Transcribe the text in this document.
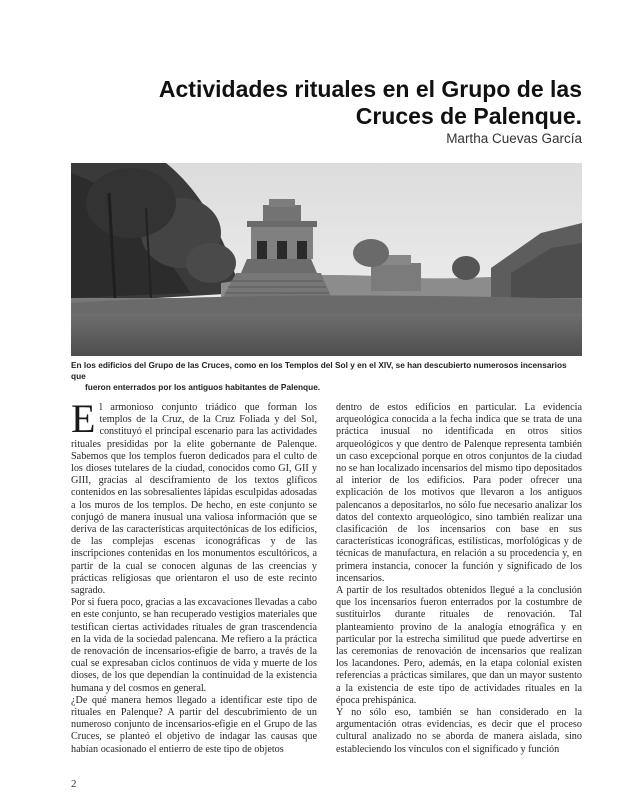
Actividades rituales en el Grupo de las
Cruces de Palenque.
Martha Cuevas García
En los edificios del Grupo de las Cruces, como en los Templos del Sol y en el XIV, se han descubierto numerosos incensarios que
fueron enterrados por los antiguos habitantes de Palenque.

El armonioso conjunto triádico que forman los templos de la Cruz, de la Cruz Foliada y del Sol, constituyó el principal escenario para las actividades rituales presididas por la elite gobernante de Palenque. Sabemos que los templos fueron dedicados para el culto de los dioses tutelares de la ciudad, conocidos como GI, GII y GIII, gracias al desciframiento de los textos glíficos contenidos en las sobresalientes lápidas esculpidas adosadas a los muros de los templos. De hecho, en este conjunto se conjugó de manera inusual una valiosa información que se deriva de las características arquitectónicas de los edificios, de las complejas escenas iconográficas y de las inscripciones contenidas en los monumentos escultóricos, a partir de la cual se conocen algunas de las creencias y prácticas religiosas que orientaron el uso de este recinto sagrado.

Por si fuera poco, gracias a las excavaciones llevadas a cabo en este conjunto, se han recuperado vestigios materiales que testifican ciertas actividades rituales de gran trascendencia en la vida de la sociedad palencana. Me refiero a la práctica de renovación de incensarios-efigie de barro, a través de la cual se expresaban ciclos continuos de vida y muerte de los dioses, de los que dependían la continuidad de la existencia humana y del cosmos en general.

¿De qué manera hemos llegado a identificar este tipo de rituales en Palenque? A partir del descubrimiento de un numeroso conjunto de incensarios-efigie en el Grupo de las Cruces, se planteó el objetivo de indagar las causas que habían ocasionado el entierro de este tipo de objetos

dentro de estos edificios en particular. La evidencia arqueológica conocida a la fecha indica que se trata de una práctica inusual no identificada en otros sitios arqueológicos y que dentro de Palenque representa también un caso excepcional porque en otros conjuntos de la ciudad no se han localizado incensarios del mismo tipo depositados al interior de los edificios. Para poder ofrecer una explicación de los motivos que llevaron a los antiguos palencanos a depositarlos, no sólo fue necesario analizar los datos del contexto arqueológico, sino también realizar una clasificación de los incensarios con base en sus características iconográficas, estilísticas, morfológicas y de técnicas de manufactura, en relación a su procedencia y, en primera instancia, conocer la función y significado de los incensarios.

A partir de los resultados obtenidos llegué a la conclusión que los incensarios fueron enterrados por la costumbre de sustituirlos durante rituales de renovación. Tal planteamiento provino de la analogía etnográfica y en particular por la estrecha similitud que puede advertirse en las ceremonias de renovación de incensarios que realizan los lacandones. Pero, además, en la etapa colonial existen referencias a prácticas similares, que dan un mayor sustento a la existencia de este tipo de actividades rituales en la época prehispánica.

Y no sólo eso, también se han considerado en la argumentación otras evidencias, es decir que el proceso cultural analizado no se aborda de manera aislada, sino estableciendo los vínculos con el significado y función

2
